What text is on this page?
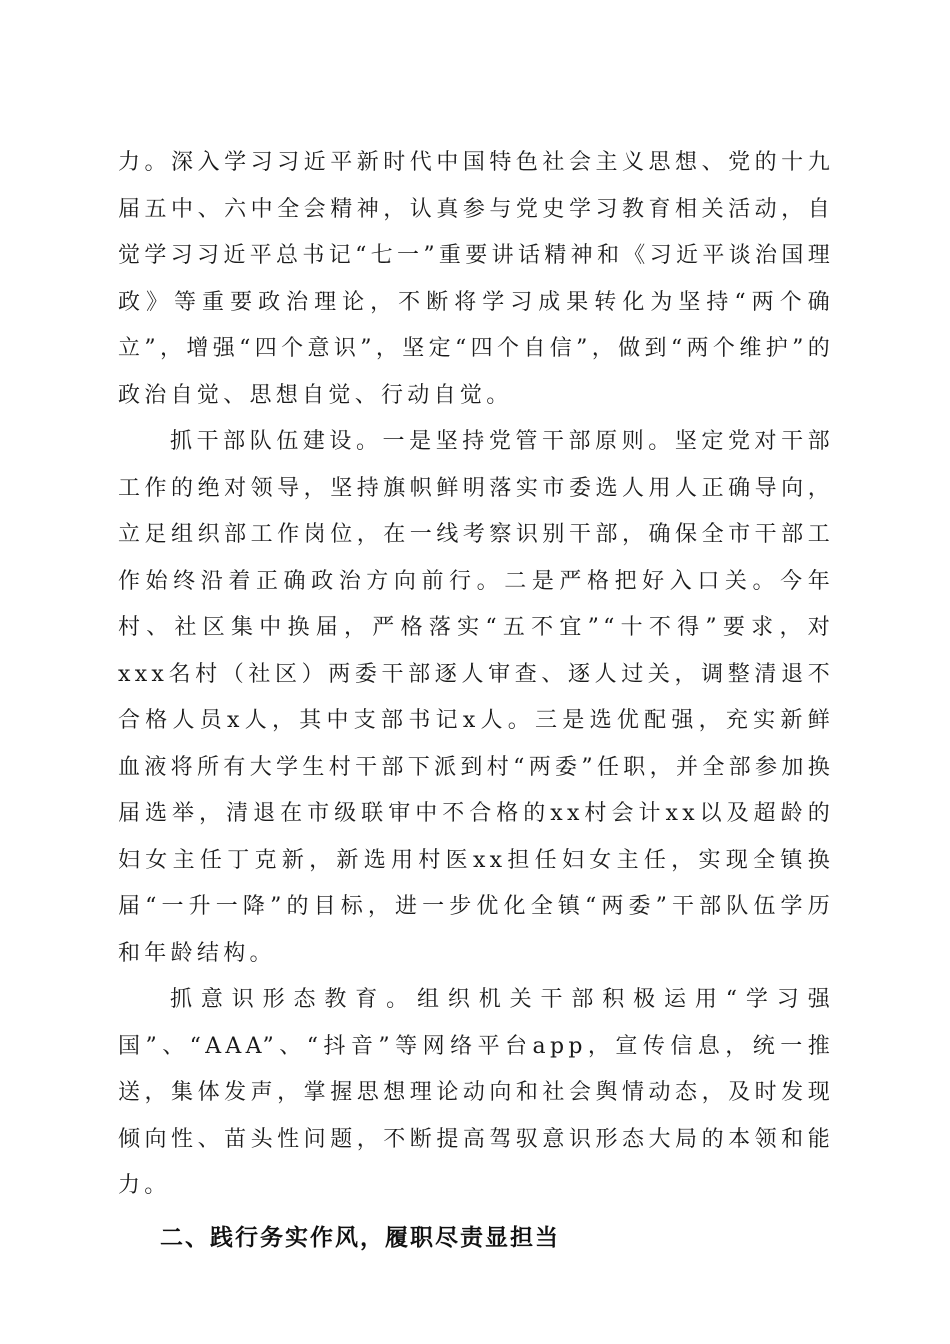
力。深入学习习近平新时代中国特色社会主义思想、党的十九届五中、六中全会精神，认真参与党史学习教育相关活动，自觉学习习近平总书记“七一”重要讲话精神和《习近平谈治国理政》等重要政治理论，不断将学习成果转化为坚持“两个确立”，增强“四个意识”，坚定“四个自信”，做到“两个维护”的政治自觉、思想自觉、行动自觉。

抓干部队伍建设。一是坚持党管干部原则。坚定党对干部工作的绝对领导，坚持旗帜鲜明落实市委选人用人正确导向，立足组织部工作岗位，在一线考察识别干部，确保全市干部工作始终沿着正确政治方向前行。二是严格把好入口关。今年村、社区集中换届，严格落实“五不宜”“十不得”要求，对xxx名村（社区）两委干部逐人审查、逐人过关，调整清退不合格人员x人，其中支部书记x人。三是选优配强，充实新鲜血液将所有大学生村干部下派到村“两委”任职，并全部参加换届选举，清退在市级联审中不合格的xx村会计xx以及超龄的妇女主任丁克新，新选用村医xx担任妇女主任，实现全镇换届“一升一降”的目标，进一步优化全镇“两委”干部队伍学历和年龄结构。

抓意识形态教育。组织机关干部积极运用“学习强国”、“AAA”、“抖音”等网络平台app，宣传信息，统一推送，集体发声，掌握思想理论动向和社会舆情动态，及时发现倾向性、苗头性问题，不断提高驾驭意识形态大局的本领和能力。

二、践行务实作风，履职尽责显担当
